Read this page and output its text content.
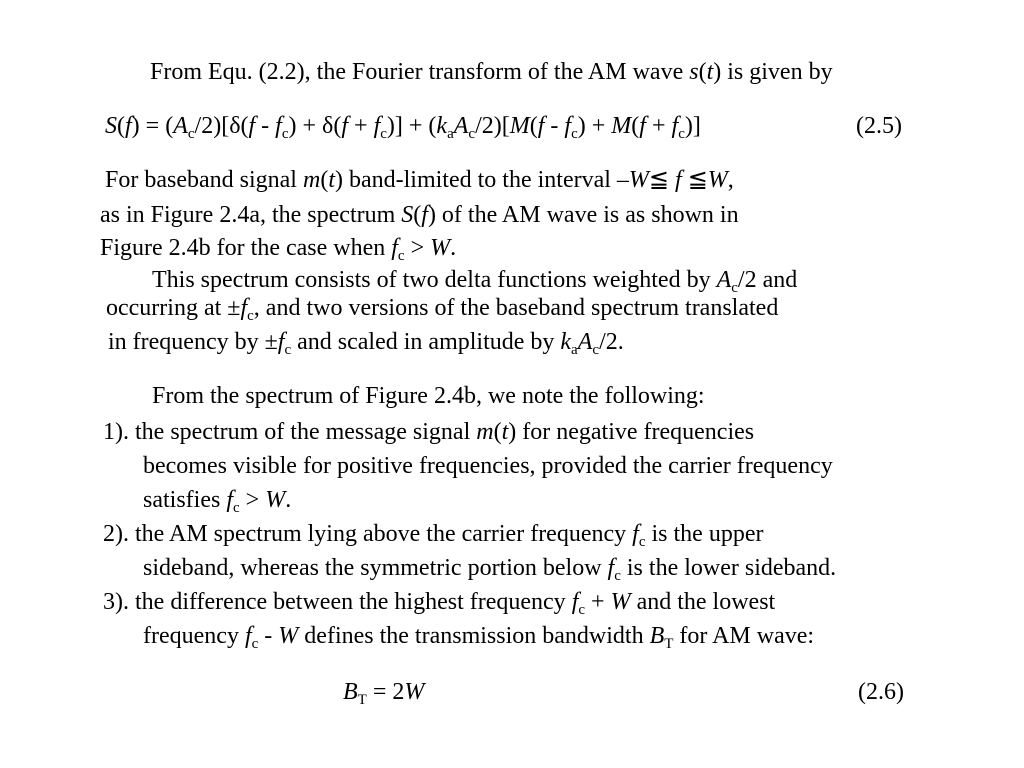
From Equ. (2.2), the Fourier transform of the AM wave s(t) is given by
$S(f) = (A_c/2)[\delta(f - f_c) + \delta(f + f_c)] + (k_aA_c/2)[M(f - f_c) + M(f + f_c)]$	(2.5)
For baseband signal m(t) band-limited to the interval –W≦ f ≦W,
as in Figure 2.4a, the spectrum S(f) of the AM wave is as shown in
Figure 2.4b for the case when $f_c > W$.
This spectrum consists of two delta functions weighted by $A_c/2$ and
occurring at $\pm f_c$, and two versions of the baseband spectrum translated
in frequency by $\pm f_c$ and scaled in amplitude by $k_aA_c/2$.
From the spectrum of Figure 2.4b, we note the following:
1). the spectrum of the message signal m(t) for negative frequencies
becomes visible for positive frequencies, provided the carrier frequency
satisfies $f_c > W$.
2). the AM spectrum lying above the carrier frequency $f_c$ is the upper
sideband, whereas the symmetric portion below $f_c$ is the lower sideband.
3). the difference between the highest frequency $f_c + W$ and the lowest
frequency $f_c$ - W defines the transmission bandwidth $B_T$ for AM wave:
$B_T = 2W$	(2.6)
